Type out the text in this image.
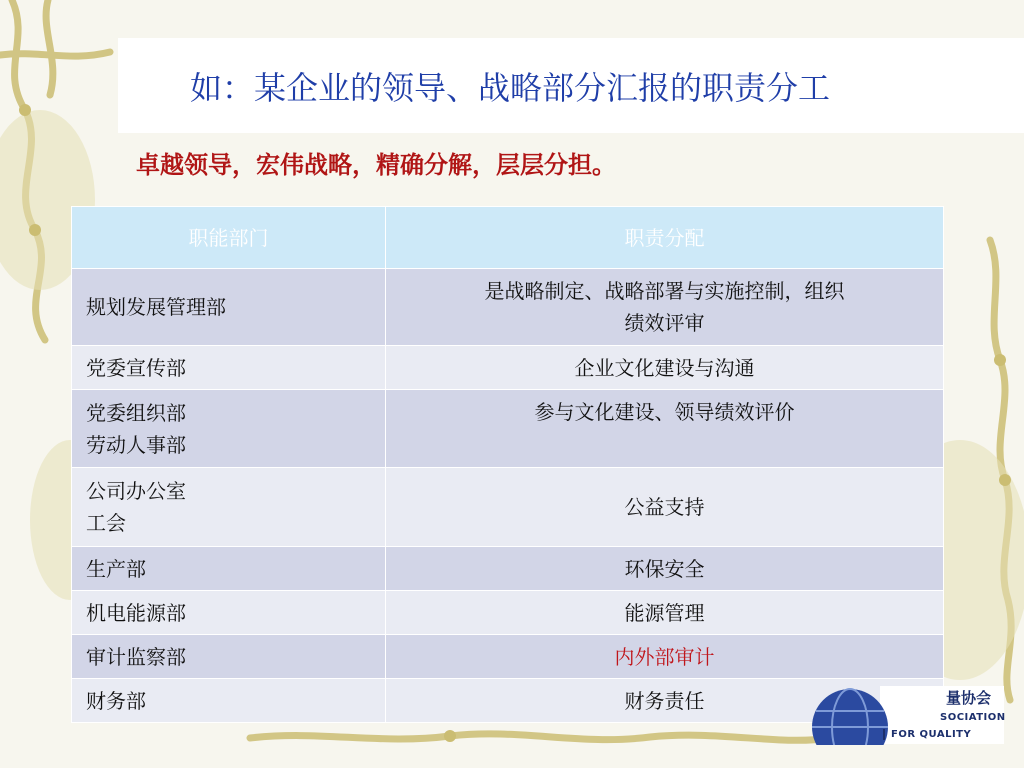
如：某企业的领导、战略部分汇报的职责分工
卓越领导，宏伟战略，精确分解，层层分担。
职能部门	职责分配
规划发展管理部	是战略制定、战略部署与实施控制，组织
绩效评审
党委宣传部	企业文化建设与沟通
党委组织部
劳动人事部	参与文化建设、领导绩效评价
公司办公室
工会	公益支持
生产部	环保安全
机电能源部	能源管理
审计监察部	内外部审计
财务部	财务责任	量协会
SOCIATION
FOR QUALITY
